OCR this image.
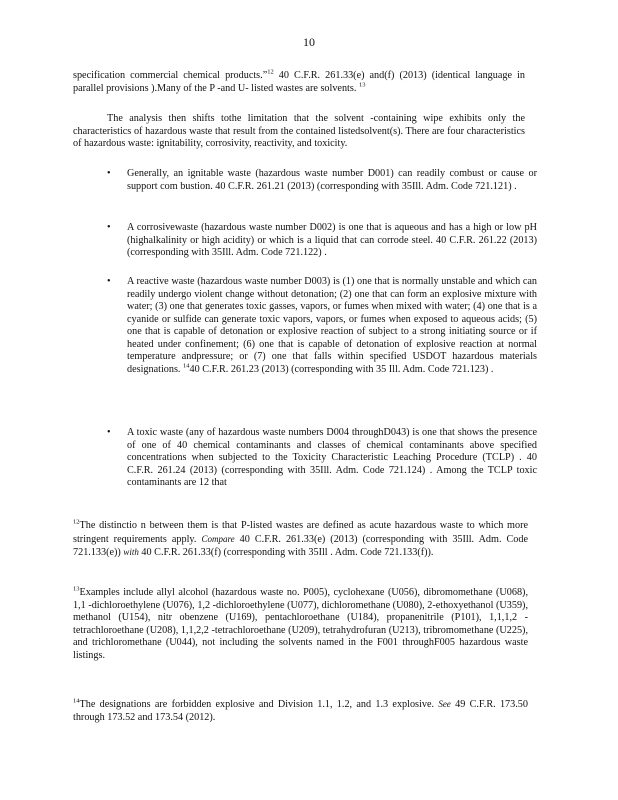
10
specification commercial chemical products.”$^{12}$ 40 C.F.R. 261.33(e) and(f) (2013) (identical language in parallel provisions ).Many of the P -and U- listed wastes are solvents. $^{13}$
The analysis then shifts tothe limitation that the solvent -containing wipe exhibits only the characteristics of hazardous waste that result from the contained listedsolvent(s). There are four characteristics of hazardous waste: ignitability, corrosivity, reactivity, and toxicity.
• Generally, an ignitable waste (hazardous waste number D001) can readily combust or cause or support com bustion. 40 C.F.R. 261.21 (2013) (corresponding with 35Ill. Adm. Code 721.121) .
• A corrosivewaste (hazardous waste number D002) is one that is aqueous and has a high or low pH (highalkalinity or high acidity) or which is a liquid that can corrode steel. 40 C.F.R. 261.22 (2013) (corresponding with 35Ill. Adm. Code 721.122) .
• A reactive waste (hazardous waste number D003) is (1) one that is normally unstable and which can readily undergo violent change without detonation; (2) one that can form an explosive mixture with water; (3) one that generates toxic gasses, vapors, or fumes when mixed with water; (4) one that is a cyanide or sulfide can generate toxic vapors, vapors, or fumes when exposed to aqueous acids; (5) one that is capable of detonation or explosive reaction of subject to a strong initiating source or if heated under confinement; (6) one that is capable of detonation of explosive reaction at normal temperature andpressure; or (7) one that falls within specified USDOT hazardous materials designations. $^{14}$40 C.F.R. 261.23 (2013) (corresponding with 35 Ill. Adm. Code 721.123) .
• A toxic waste (any of hazardous waste numbers D004 throughD043) is one that shows the presence of one of 40 chemical contaminants and classes of chemical contaminants above specified concentrations when subjected to the Toxicity Characteristic Leaching Procedure (TCLP) . 40 C.F.R. 261.24 (2013) (corresponding with 35Ill. Adm. Code 721.124) . Among the TCLP toxic contaminants are 12 that
$^{12}$The distinctio n between them is that P-listed wastes are defined as acute hazardous waste to which more stringent requirements apply. Compare 40 C.F.R. 261.33(e) (2013) (corresponding with 35Ill. Adm. Code 721.133(e)) with 40 C.F.R. 261.33(f) (corresponding with 35Ill . Adm. Code 721.133(f)).
$^{13}$Examples include allyl alcohol (hazardous waste no. P005), cyclohexane (U056), dibromomethane (U068), 1,1 -dichloroethylene (U076), 1,2 -dichloroethylene (U077), dichloromethane (U080), 2-ethoxyethanol (U359), methanol (U154), nitr obenzene (U169), pentachloroethane (U184), propanenitrile (P101), 1,1,1,2 -tetrachloroethane (U208), 1,1,2,2 -tetrachloroethane (U209), tetrahydrofuran (U213), tribromomethane (U225), and trichloromethane (U044), not including the solvents named in the F001 throughF005 hazardous waste listings.
$^{14}$The designations are forbidden explosive and Division 1.1, 1.2, and 1.3 explosive. See 49 C.F.R. 173.50 through 173.52 and 173.54 (2012).
